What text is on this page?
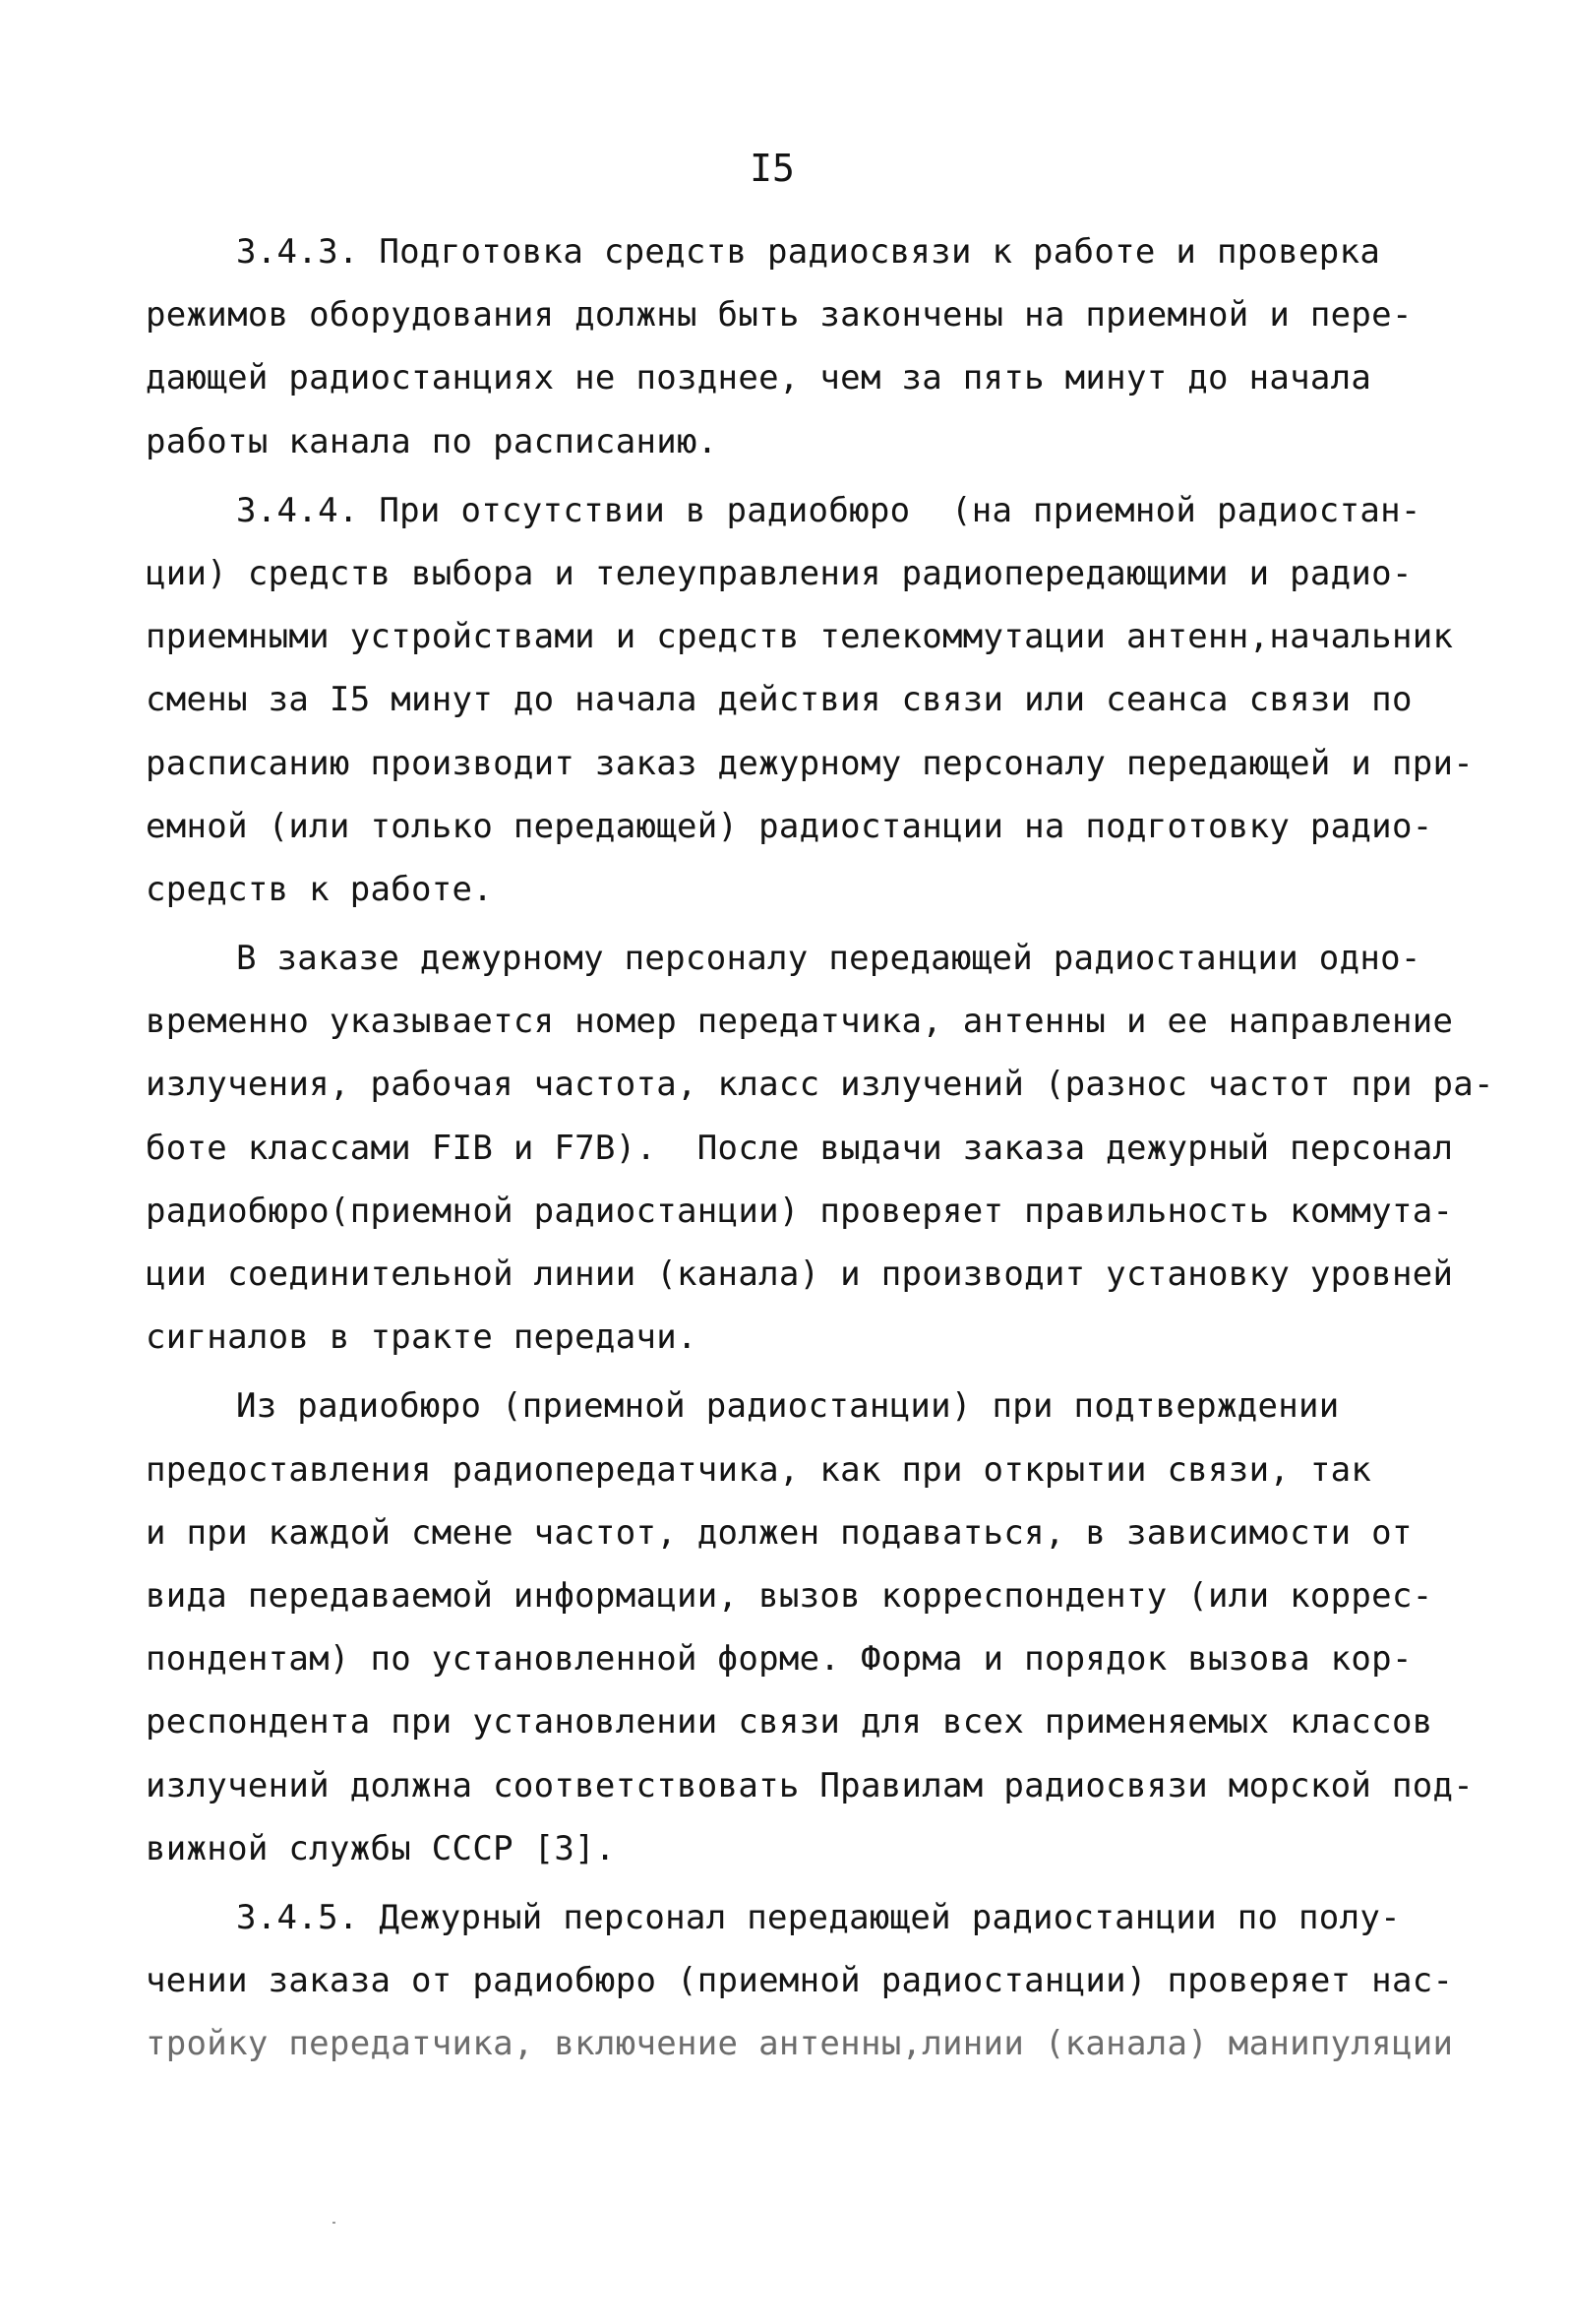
I5
3.4.3. Подготовка средств радиосвязи к работе и проверка
режимов оборудования должны быть закончены на приемной и пере-
дающей радиостанциях не позднее, чем за пять минут до начала
работы канала по расписанию.
3.4.4. При отсутствии в радиобюро  (на приемной радиостан-
ции) средств выбора и телеуправления радиопередающими и радио-
приемными устройствами и средств телекоммутации антенн,начальник
смены за I5 минут до начала действия связи или сеанса связи по
расписанию производит заказ дежурному персоналу передающей и при-
емной (или только передающей) радиостанции на подготовку радио-
средств к работе.
В заказе дежурному персоналу передающей радиостанции одно-
временно указывается номер передатчика, антенны и ее направление
излучения, рабочая частота, класс излучений (разнос частот при ра-
боте классами FIB и F7B).  После выдачи заказа дежурный персонал
радиобюро(приемной радиостанции) проверяет правильность коммута-
ции соединительной линии (канала) и производит установку уровней
сигналов в тракте передачи.
Из радиобюро (приемной радиостанции) при подтверждении
предоставления радиопередатчика, как при открытии связи, так
и при каждой смене частот, должен подаваться, в зависимости от
вида передаваемой информации, вызов корреспонденту (или коррес-
пондентам) по установленной форме. Форма и порядок вызова кор-
респондента при установлении связи для всех применяемых классов
излучений должна соответствовать Правилам радиосвязи морской под-
вижной службы СССР [3].
3.4.5. Дежурный персонал передающей радиостанции по полу-
чении заказа от радиобюро (приемной радиостанции) проверяет нас-
тройку передатчика, включение антенны,линии (канала) манипуляции
